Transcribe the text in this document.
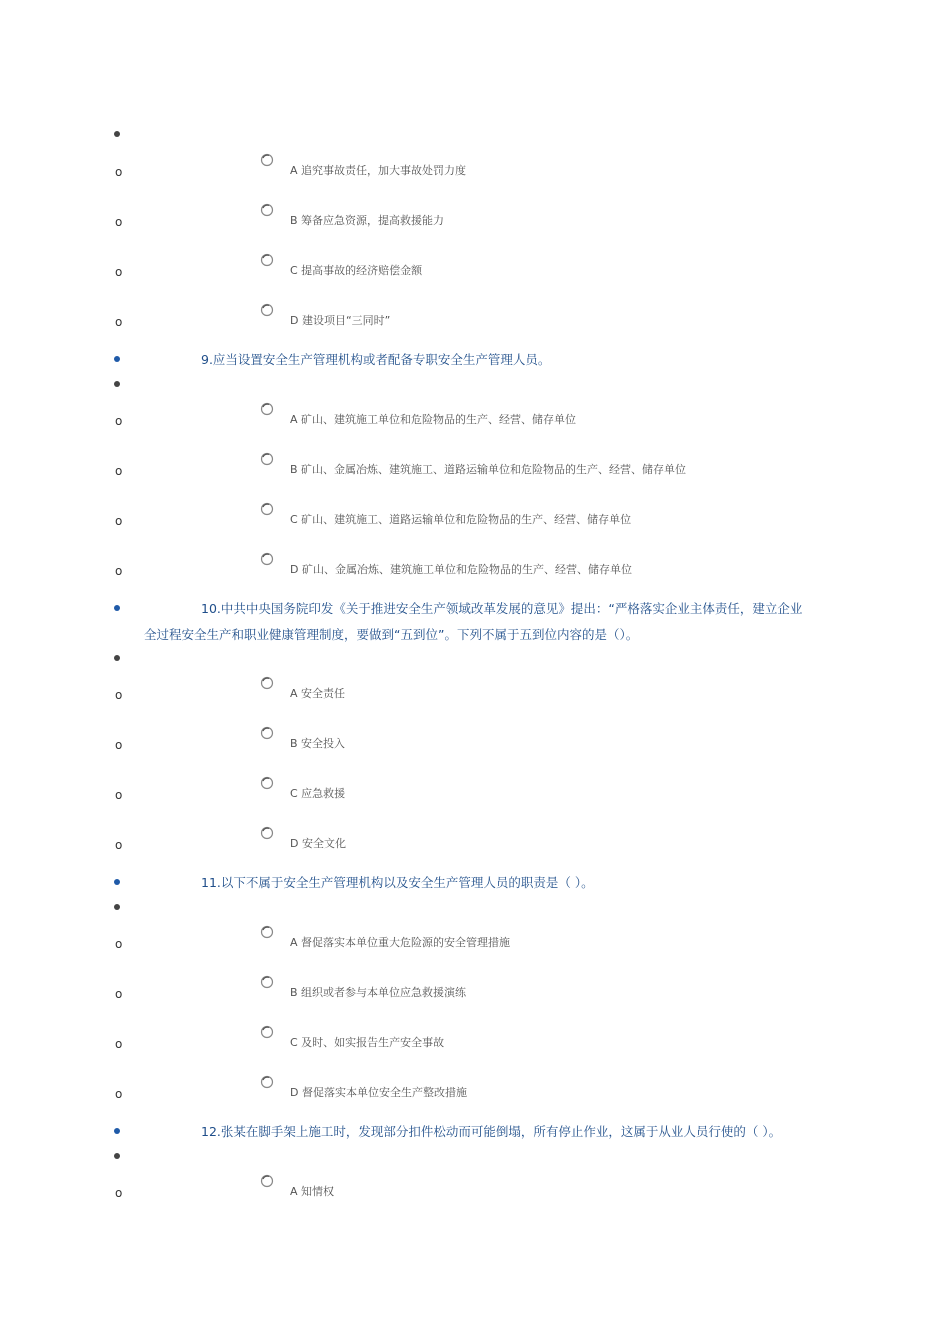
o	A 追究事故责任，加大事故处罚力度
o	B 筹备应急资源，提高救援能力
o	C 提高事故的经济赔偿金额
o	D 建设项目“三同时”
9.应当设置安全生产管理机构或者配备专职安全生产管理人员。
o	A 矿山、建筑施工单位和危险物品的生产、经营、储存单位
o	B 矿山、金属冶炼、建筑施工、道路运输单位和危险物品的生产、经营、储存单位
o	C 矿山、建筑施工、道路运输单位和危险物品的生产、经营、储存单位
o	D 矿山、金属冶炼、建筑施工单位和危险物品的生产、经营、储存单位
10.中共中央国务院印发《关于推进安全生产领域改革发展的意见》提出：“严格落实企业主体责任，建立企业
全过程安全生产和职业健康管理制度，要做到“五到位”。下列不属于五到位内容的是（）。
o	A 安全责任
o	B 安全投入
o	C 应急救援
o	D 安全文化
11.以下不属于安全生产管理机构以及安全生产管理人员的职责是（ ）。
o	A 督促落实本单位重大危险源的安全管理措施
o	B 组织或者参与本单位应急救援演练
o	C 及时、如实报告生产安全事故
o	D 督促落实本单位安全生产整改措施
12.张某在脚手架上施工时，发现部分扣件松动而可能倒塌，所有停止作业，这属于从业人员行使的（ ）。
o	A 知情权
